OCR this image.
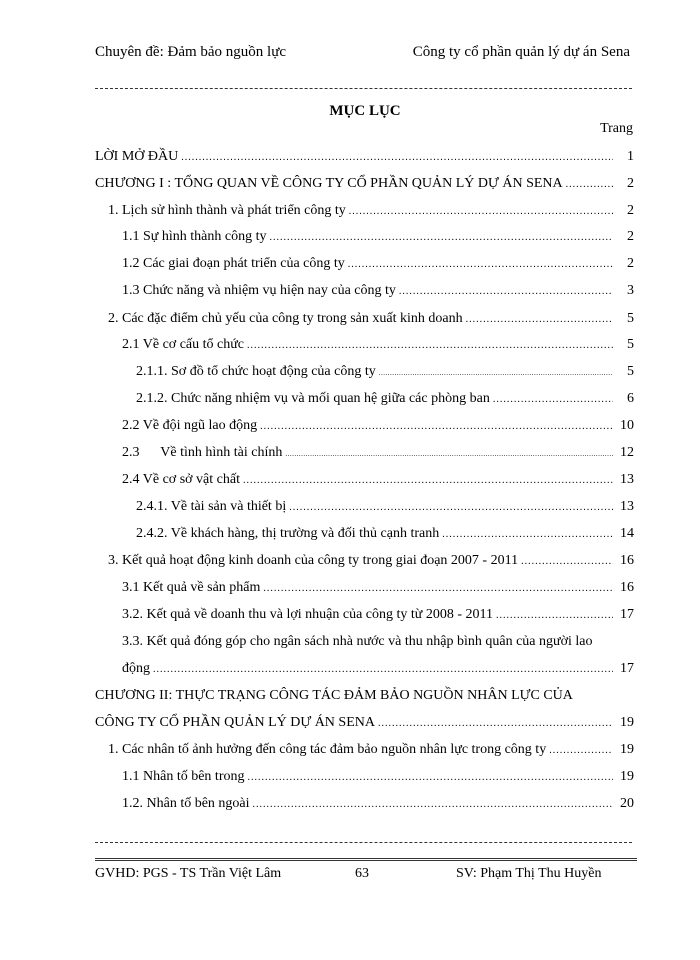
Chuyên đề: Đảm bảo nguồn lực	Công ty cổ phần quản lý dự án Sena
MỤC LỤC
Trang
LỜI MỞ ĐẦU .....	1
CHƯƠNG I : TỔNG QUAN VỀ CÔNG TY CỔ PHẦN QUẢN LÝ DỰ ÁN SENA .....	2
1. Lịch sử hình thành và phát triển công ty .....	2
1.1 Sự hình thành công ty .....	2
1.2 Các giai đoạn phát triển của công ty .....	2
1.3 Chức năng và nhiệm vụ hiện nay của công ty .....	3
2. Các đặc điểm chủ yếu của công ty trong sản xuất kinh doanh .....	5
2.1 Về cơ cấu tổ chức .....	5
2.1.1. Sơ đồ tổ chức hoạt động của công ty .....	5
2.1.2. Chức năng nhiệm vụ và mối quan hệ giữa các phòng ban .....	6
2.2 Về đội ngũ lao động .....	10
2.3      Về tình hình tài chính .....	12
2.4 Về cơ sở vật chất .....	13
2.4.1. Về tài sản và thiết bị .....	13
2.4.2. Về khách hàng, thị trường và đối thủ cạnh tranh .....	14
3. Kết quả hoạt động kinh doanh của công ty trong giai đoạn 2007 - 2011 .....	16
3.1 Kết quả về sản phẩm .....	16
3.2. Kết quả về doanh thu và lợi nhuận của công ty từ 2008 - 2011 .....	17
3.3. Kết quả đóng góp cho ngân sách nhà nước và thu nhập bình quân của người lao
động .....	17
CHƯƠNG II: THỰC TRẠNG CÔNG TÁC ĐẢM BẢO NGUỒN NHÂN LỰC CỦA
CÔNG TY CỔ PHẦN QUẢN LÝ DỰ ÁN SENA .....	19
1. Các nhân tố ảnh hưởng đến công tác đảm bảo nguồn nhân lực trong công ty .....	19
1.1 Nhân tố bên trong .....	19
1.2. Nhân tố bên ngoài .....	20
GVHD: PGS - TS Trần Việt Lâm	63	SV: Phạm Thị Thu Huyền
